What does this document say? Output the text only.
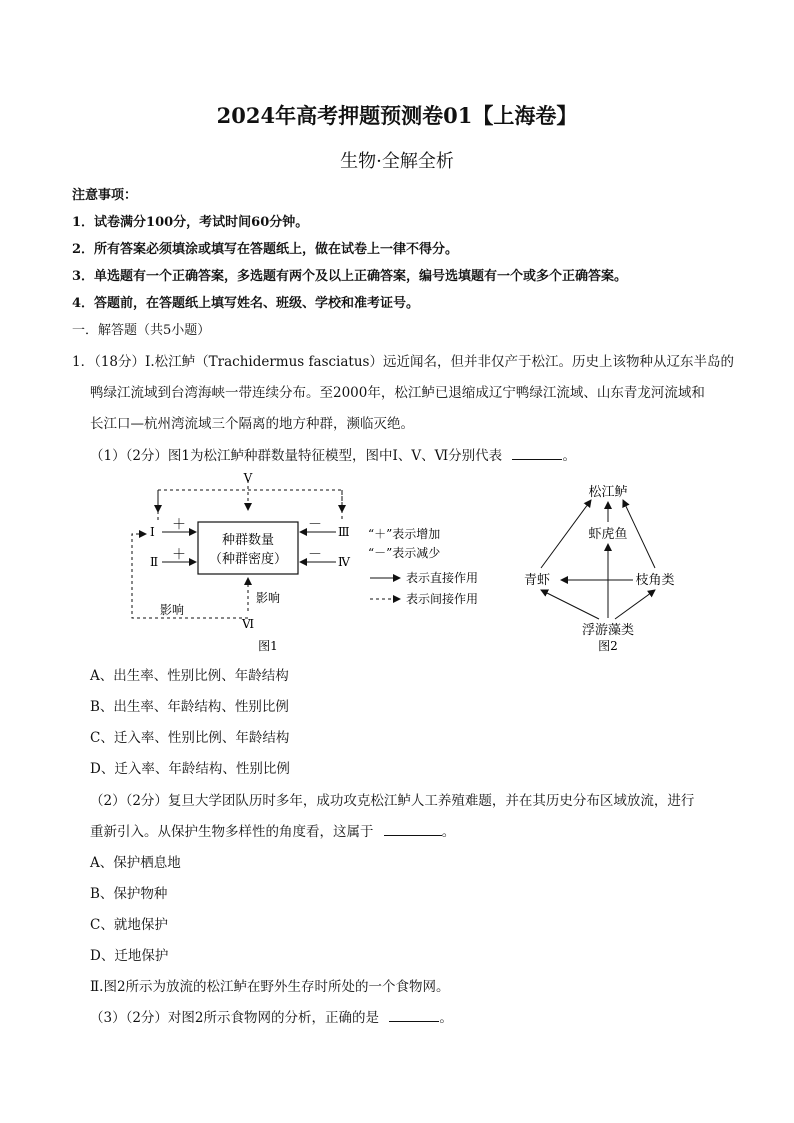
2024年高考押题预测卷01【上海卷】
生物·全解全析
注意事项：
1．试卷满分100分，考试时间60分钟。
2．所有答案必须填涂或填写在答题纸上，做在试卷上一律不得分。
3．单选题有一个正确答案，多选题有两个及以上正确答案，编号选填题有一个或多个正确答案。
4．答题前，在答题纸上填写姓名、班级、学校和准考证号。
一．解答题（共5小题）
1．（18分）Ⅰ.松江鲈（Trachidermus fasciatus）远近闻名，但并非仅产于松江。历史上该物种从辽东半岛的
鸭绿江流域到台湾海峡一带连续分布。至2000年，松江鲈已退缩成辽宁鸭绿江流域、山东青龙河流域和
长江口—杭州湾流域三个隔离的地方种群，濒临灭绝。
（1）（2分）图1为松江鲈种群数量特征模型，图中Ⅰ、Ⅴ、Ⅵ分别代表	。
种群数量
（种群密度）
Ⅴ
Ⅰ
Ⅱ
Ⅲ
Ⅳ
Ⅵ
＋
＋
－
－
影响
影响
图1
“＋”表示增加
“－”表示减少
表示直接作用
表示间接作用
松江鲈
虾虎鱼
青虾	枝角类
浮游藻类
图2
A、出生率、性别比例、年龄结构
B、出生率、年龄结构、性别比例
C、迁入率、性别比例、年龄结构
D、迁入率、年龄结构、性别比例
（2）（2分）复旦大学团队历时多年，成功攻克松江鲈人工养殖难题，并在其历史分布区域放流，进行
重新引入。从保护生物多样性的角度看，这属于	。
A、保护栖息地
B、保护物种
C、就地保护
D、迁地保护
Ⅱ.图2所示为放流的松江鲈在野外生存时所处的一个食物网。
（3）（2分）对图2所示食物网的分析，正确的是	。
